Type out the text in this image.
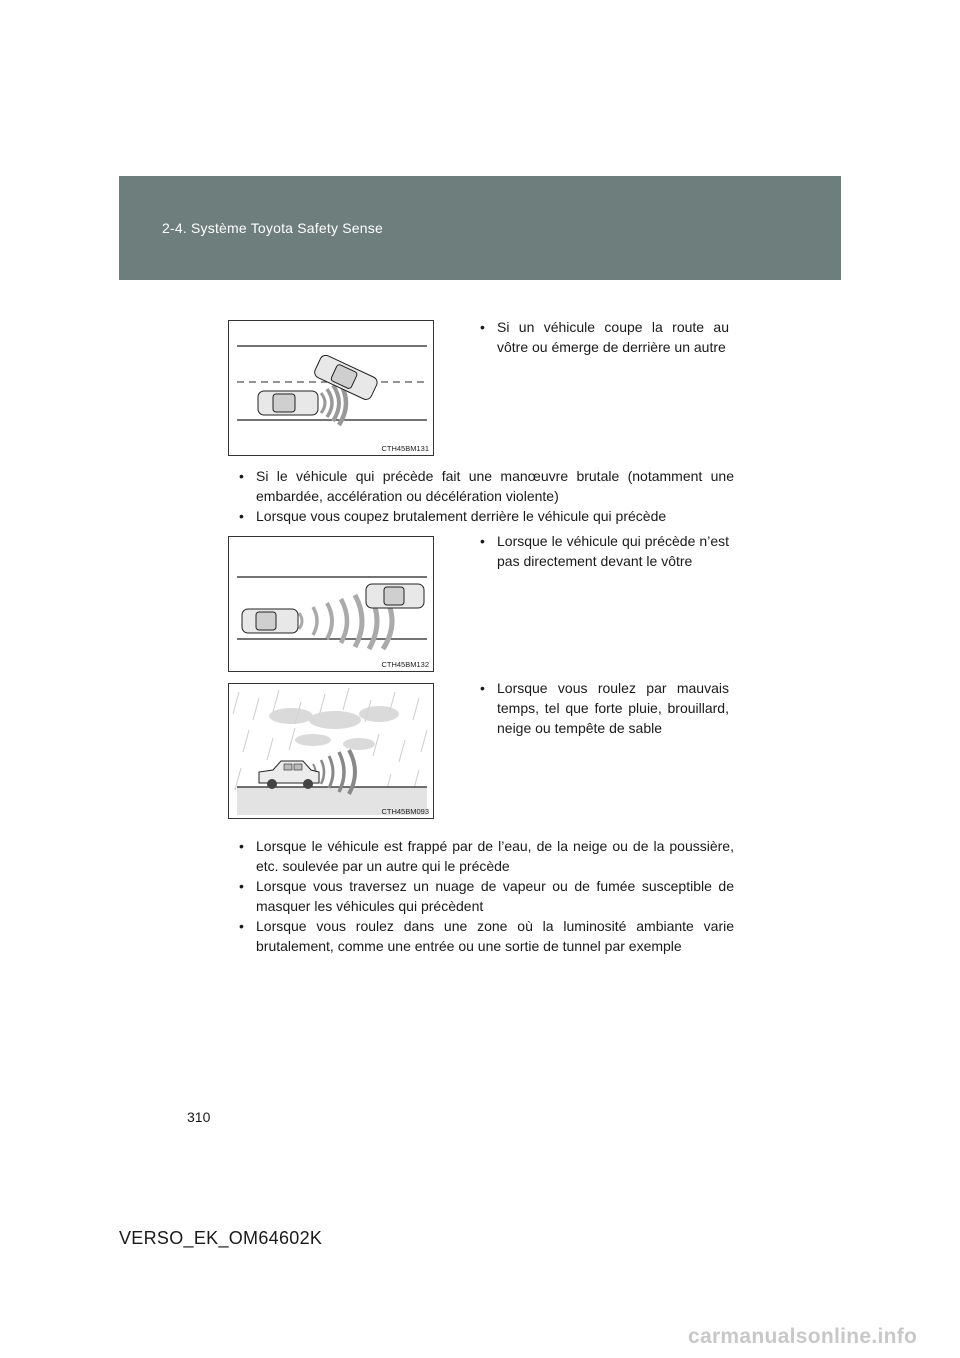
2-4. Système Toyota Safety Sense
CTH45BM131
• Si un véhicule coupe la route au vôtre ou émerge de derrière un autre
• Si le véhicule qui précède fait une manœuvre brutale (notamment une embardée, accélération ou décélération violente)
• Lorsque vous coupez brutalement derrière le véhicule qui précède
CTH45BM132
• Lorsque le véhicule qui précède n’est pas directement devant le vôtre
CTH45BM093
• Lorsque vous roulez par mauvais temps, tel que forte pluie, brouillard, neige ou tempête de sable
• Lorsque le véhicule est frappé par de l’eau, de la neige ou de la poussière, etc. soulevée par un autre qui le précède
• Lorsque vous traversez un nuage de vapeur ou de fumée susceptible de masquer les véhicules qui précèdent
• Lorsque vous roulez dans une zone où la luminosité ambiante varie brutalement, comme une entrée ou une sortie de tunnel par exemple
310
VERSO_EK_OM64602K
carmanualsonline.info
